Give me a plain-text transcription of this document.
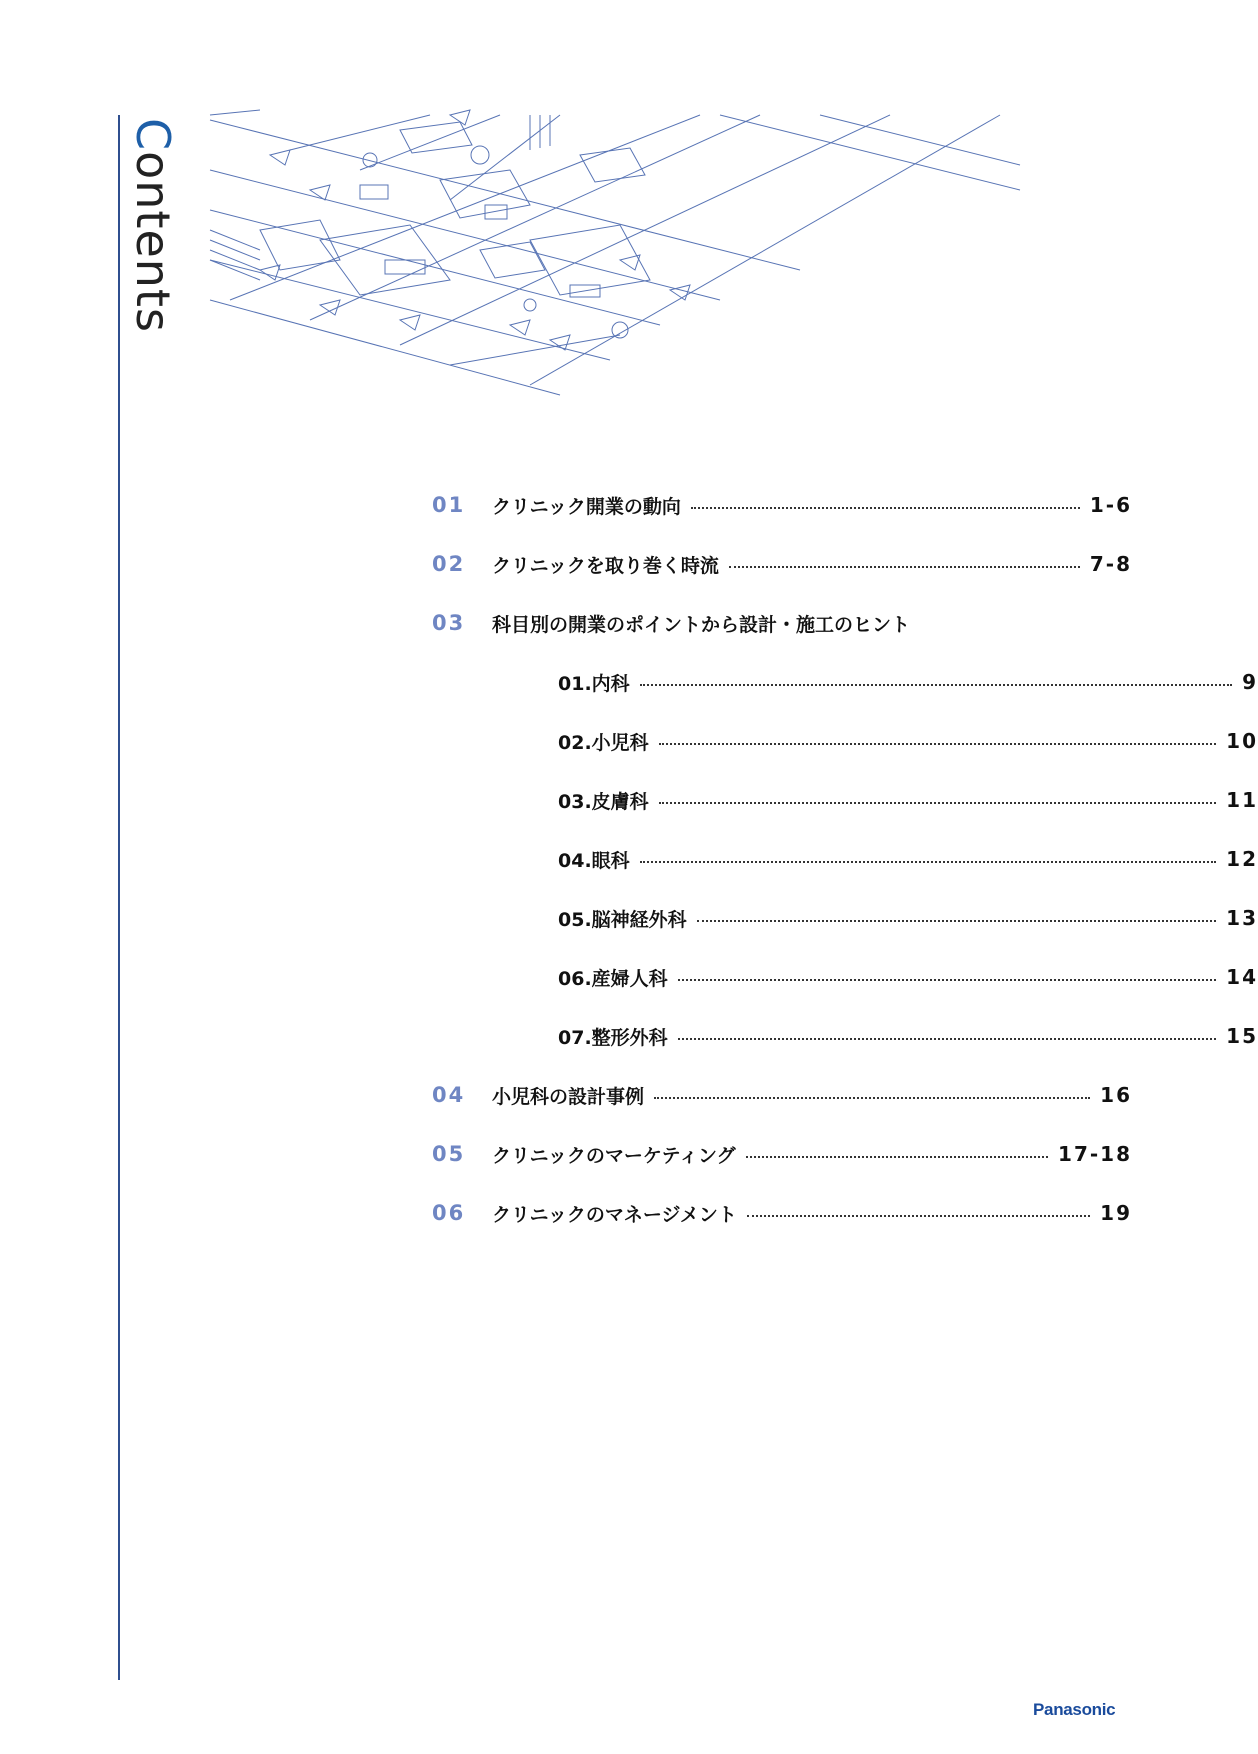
Contents
01	クリニック開業の動向	1-6
02	クリニックを取り巻く時流	7-8
03	科目別の開業のポイントから設計・施工のヒント
01.内科	9
02.小児科	10
03.皮膚科	11
04.眼科	12
05.脳神経外科	13
06.産婦人科	14
07.整形外科	15
04	小児科の設計事例	16
05	クリニックのマーケティング	17-18
06	クリニックのマネージメント	19
Panasonic
